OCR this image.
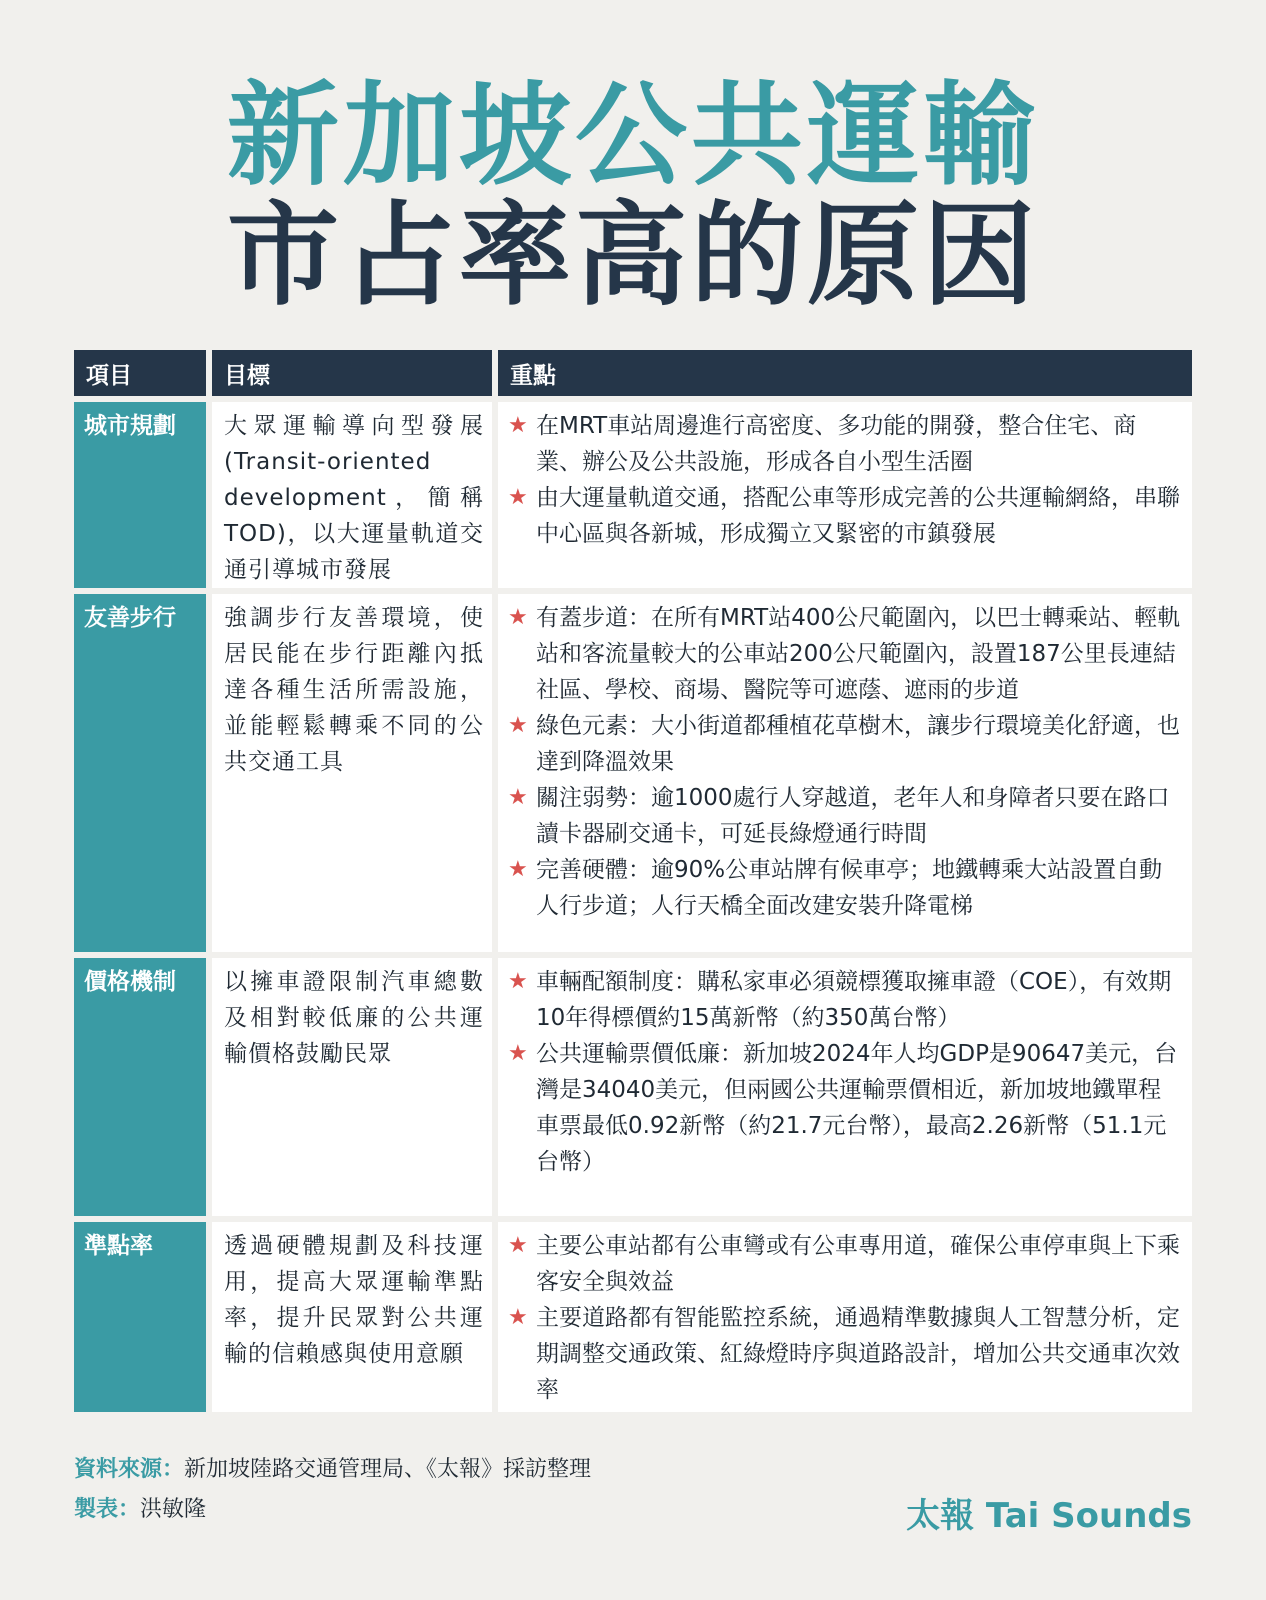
新加坡公共運輸
市占率高的原因
項目	目標	重點
城市規劃	大眾運輸導向型發展(Transit-oriented development，簡稱TOD)，以大運量軌道交通引導城市發展
★ 在MRT車站周邊進行高密度、多功能的開發，整合住宅、商業、辦公及公共設施，形成各自小型生活圈
★ 由大運量軌道交通，搭配公車等形成完善的公共運輸網絡，串聯中心區與各新城，形成獨立又緊密的市鎮發展
友善步行	強調步行友善環境，使居民能在步行距離內抵達各種生活所需設施，並能輕鬆轉乘不同的公共交通工具
★ 有蓋步道：在所有MRT站400公尺範圍內，以巴士轉乘站、輕軌站和客流量較大的公車站200公尺範圍內，設置187公里長連結社區、學校、商場、醫院等可遮蔭、遮雨的步道
★ 綠色元素：大小街道都種植花草樹木，讓步行環境美化舒適，也達到降溫效果
★ 關注弱勢：逾1000處行人穿越道，老年人和身障者只要在路口讀卡器刷交通卡，可延長綠燈通行時間
★ 完善硬體：逾90%公車站牌有候車亭；地鐵轉乘大站設置自動人行步道；人行天橋全面改建安裝升降電梯
價格機制	以擁車證限制汽車總數及相對較低廉的公共運輸價格鼓勵民眾
★ 車輛配額制度：購私家車必須競標獲取擁車證（COE），有效期10年得標價約15萬新幣（約350萬台幣）
★ 公共運輸票價低廉：新加坡2024年人均GDP是90647美元，台灣是34040美元，但兩國公共運輸票價相近，新加坡地鐵單程車票最低0.92新幣（約21.7元台幣），最高2.26新幣（51.1元台幣）
準點率	透過硬體規劃及科技運用，提高大眾運輸準點率，提升民眾對公共運輸的信賴感與使用意願
★ 主要公車站都有公車彎或有公車專用道，確保公車停車與上下乘客安全與效益
★ 主要道路都有智能監控系統，通過精準數據與人工智慧分析，定期調整交通政策、紅綠燈時序與道路設計，增加公共交通車次效率
資料來源：新加坡陸路交通管理局、《太報》採訪整理
製表：洪敏隆	太報 Tai Sounds
